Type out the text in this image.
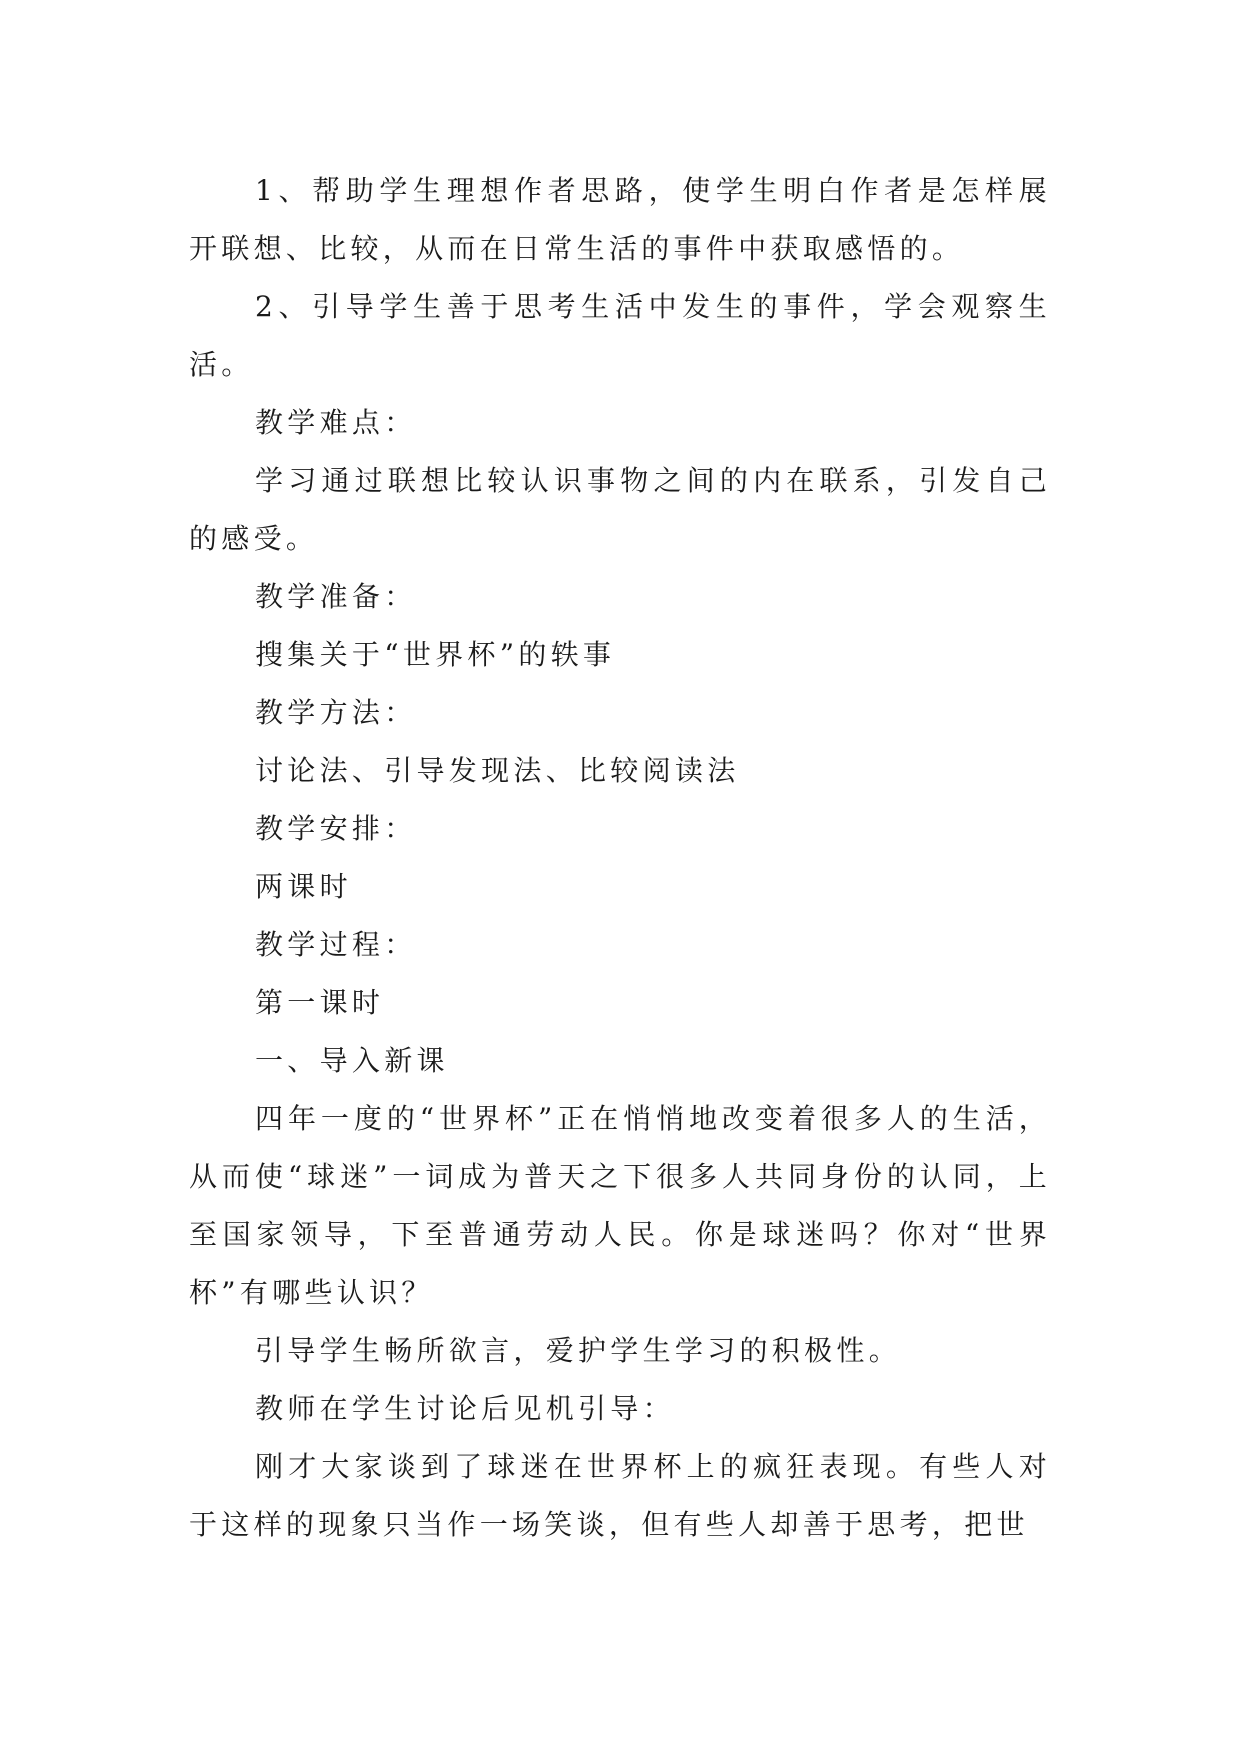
1、帮助学生理想作者思路，使学生明白作者是怎样展开联想、比较，从而在日常生活的事件中获取感悟的。

2、引导学生善于思考生活中发生的事件，学会观察生活。

教学难点：

学习通过联想比较认识事物之间的内在联系，引发自己的感受。

教学准备：

搜集关于“世界杯”的轶事

教学方法：

讨论法、引导发现法、比较阅读法

教学安排：

两课时

教学过程：

第一课时

一、导入新课

四年一度的“世界杯”正在悄悄地改变着很多人的生活，从而使“球迷”一词成为普天之下很多人共同身份的认同，上至国家领导，下至普通劳动人民。你是球迷吗？你对“世界杯”有哪些认识？

引导学生畅所欲言，爱护学生学习的积极性。

教师在学生讨论后见机引导：

刚才大家谈到了球迷在世界杯上的疯狂表现。有些人对于这样的现象只当作一场笑谈，但有些人却善于思考，把世
